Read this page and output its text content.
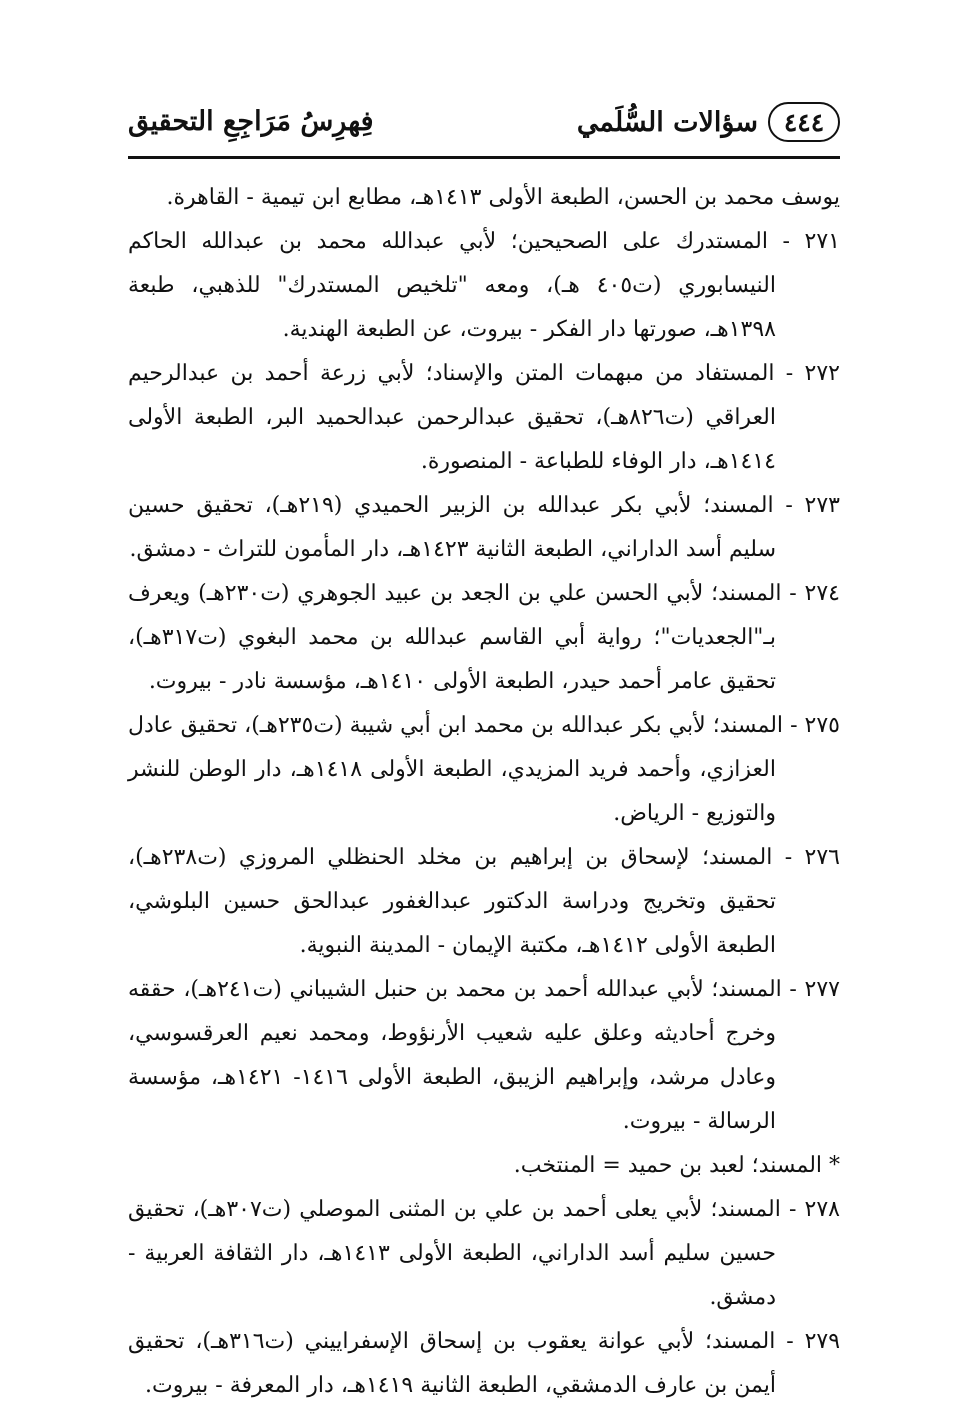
٤٤٤
سؤالات السُّلَمي
فِهرِسُ مَرَاجِعِ التحقيق

يوسف محمد بن الحسن، الطبعة الأولى ١٤١٣هـ، مطابع ابن تيمية - القاهرة.

٢٧١ - المستدرك على الصحيحين؛ لأبي عبدالله محمد بن عبدالله الحاكم النيسابوري (ت٤٠٥ هـ)، ومعه "تلخيص المستدرك" للذهبي، طبعة ١٣٩٨هـ، صورتها دار الفكر - بيروت، عن الطبعة الهندية.

٢٧٢ - المستفاد من مبهمات المتن والإسناد؛ لأبي زرعة أحمد بن عبدالرحيم العراقي (ت٨٢٦هـ)، تحقيق عبدالرحمن عبدالحميد البر، الطبعة الأولى ١٤١٤هـ، دار الوفاء للطباعة - المنصورة.

٢٧٣ - المسند؛ لأبي بكر عبدالله بن الزبير الحميدي (٢١٩هـ)، تحقيق حسين سليم أسد الداراني، الطبعة الثانية ١٤٢٣هـ، دار المأمون للتراث - دمشق.

٢٧٤ - المسند؛ لأبي الحسن علي بن الجعد بن عبيد الجوهري (ت٢٣٠هـ) ويعرف بـ"الجعديات"؛ رواية أبي القاسم عبدالله بن محمد البغوي (ت٣١٧هـ)، تحقيق عامر أحمد حيدر، الطبعة الأولى ١٤١٠هـ، مؤسسة نادر - بيروت.

٢٧٥ - المسند؛ لأبي بكر عبدالله بن محمد ابن أبي شيبة (ت٢٣٥هـ)، تحقيق عادل العزازي، وأحمد فريد المزيدي، الطبعة الأولى ١٤١٨هـ، دار الوطن للنشر والتوزيع - الرياض.

٢٧٦ - المسند؛ لإسحاق بن إبراهيم بن مخلد الحنظلي المروزي (ت٢٣٨هـ)، تحقيق وتخريج ودراسة الدكتور عبدالغفور عبدالحق حسين البلوشي، الطبعة الأولى ١٤١٢هـ، مكتبة الإيمان - المدينة النبوية.

٢٧٧ - المسند؛ لأبي عبدالله أحمد بن محمد بن حنبل الشيباني (ت٢٤١هـ)، حققه وخرج أحاديثه وعلق عليه شعيب الأرنؤوط، ومحمد نعيم العرقسوسي، وعادل مرشد، وإبراهيم الزيبق، الطبعة الأولى ١٤١٦- ١٤٢١هـ، مؤسسة الرسالة - بيروت.

* المسند؛ لعبد بن حميد = المنتخب.

٢٧٨ - المسند؛ لأبي يعلى أحمد بن علي بن المثنى الموصلي (ت٣٠٧هـ)، تحقيق حسين سليم أسد الداراني، الطبعة الأولى ١٤١٣هـ، دار الثقافة العربية - دمشق.

٢٧٩ - المسند؛ لأبي عوانة يعقوب بن إسحاق الإسفراييني (ت٣١٦هـ)، تحقيق أيمن بن عارف الدمشقي، الطبعة الثانية ١٤١٩هـ، دار المعرفة - بيروت.
